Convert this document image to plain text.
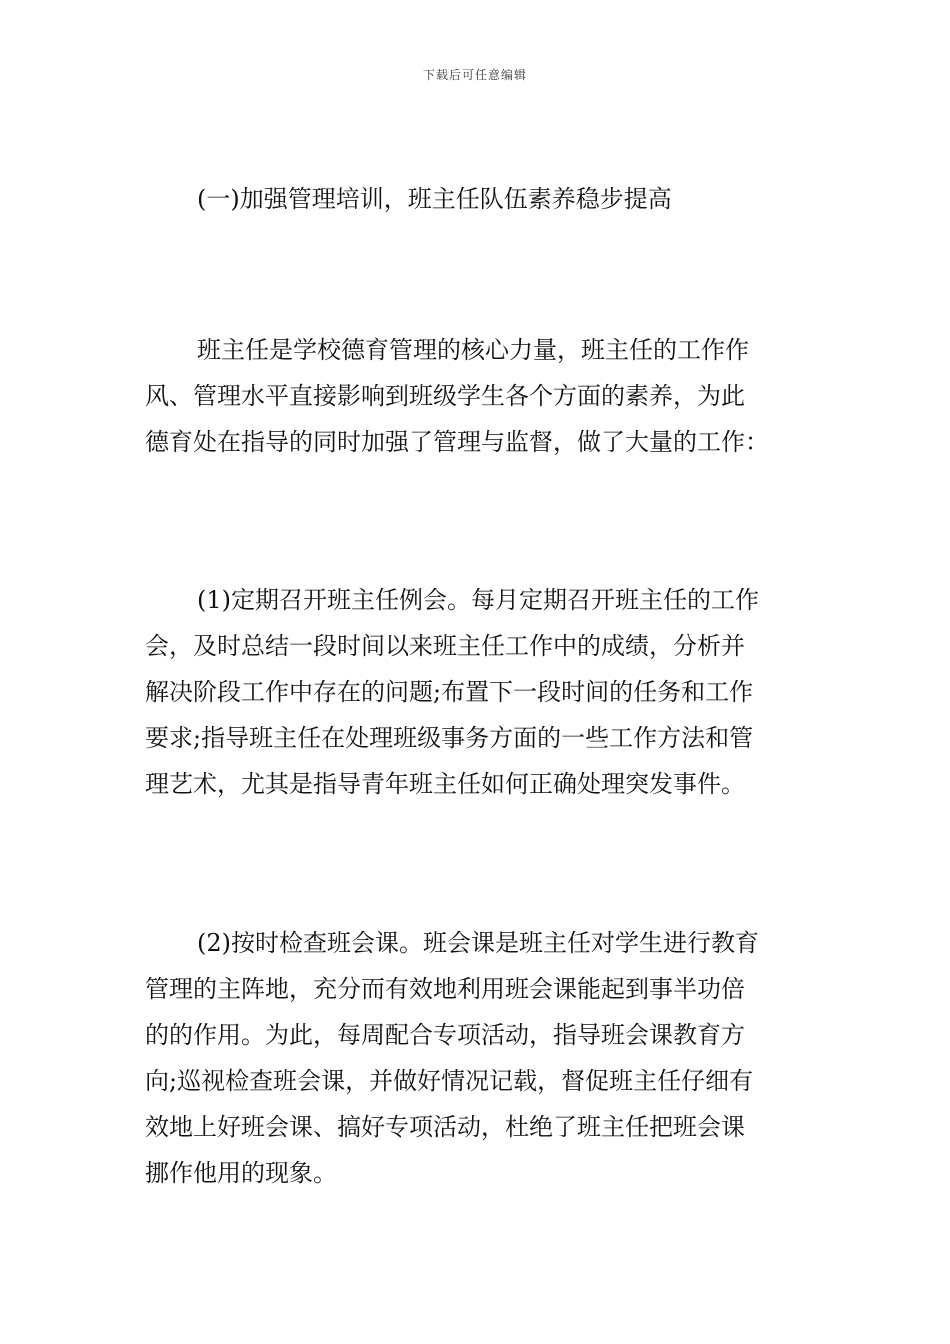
下载后可任意编辑
(一)加强管理培训，班主任队伍素养稳步提高
班主任是学校德育管理的核心力量，班主任的工作作
风、管理水平直接影响到班级学生各个方面的素养，为此
德育处在指导的同时加强了管理与监督，做了大量的工作：
(1)定期召开班主任例会。每月定期召开班主任的工作
会，及时总结一段时间以来班主任工作中的成绩，分析并
解决阶段工作中存在的问题;布置下一段时间的任务和工作
要求;指导班主任在处理班级事务方面的一些工作方法和管
理艺术，尤其是指导青年班主任如何正确处理突发事件。
(2)按时检查班会课。班会课是班主任对学生进行教育
管理的主阵地，充分而有效地利用班会课能起到事半功倍
的的作用。为此，每周配合专项活动，指导班会课教育方
向;巡视检查班会课，并做好情况记载，督促班主任仔细有
效地上好班会课、搞好专项活动，杜绝了班主任把班会课
挪作他用的现象。
